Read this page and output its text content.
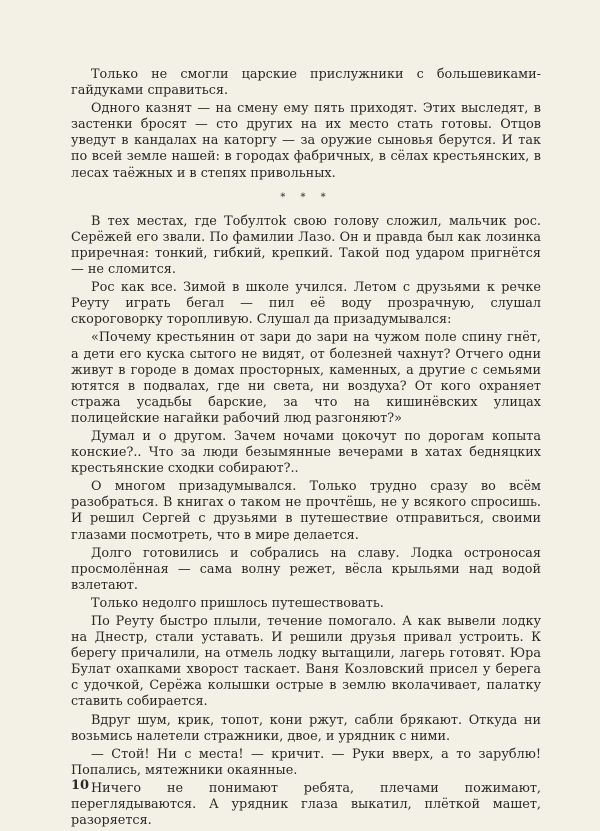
Только не смогли царские прислужники с большевиками-гайдуками справиться.

Одного казнят — на смену ему пять приходят. Этих выследят, в застенки бросят — сто других на их место стать готовы. Отцов уведут в кандалах на каторгу — за оружие сыновья берутся. И так по всей земле нашей: в городах фабричных, в сёлах крестьянских, в лесах таёжных и в степях привольных.

* * *

В тех местах, где Тобултоk свою голову сложил, мальчик рос. Серёжей его звали. По фамилии Лазо. Он и правда был как лозинка приречная: тонкий, гибкий, крепкий. Такой под ударом пригнётся — не сломится.

Рос как все. Зимой в школе учился. Летом с друзьями к речке Реуту играть бегал — пил её воду прозрачную, слушал скороговорку торопливую. Слушал да призадумывался:

«Почему крестьянин от зари до зари на чужом поле спину гнёт, а дети его куска сытого не видят, от болезней чахнут? Отчего одни живут в городе в домах просторных, каменных, а другие с семьями ютятся в подвалах, где ни света, ни воздуха? От кого охраняет стража усадьбы барские, за что на кишинёвских улицах полицейские нагайки рабочий люд разгоняют?»

Думал и о другом. Зачем ночами цокочут по дорогам копыта конские?.. Что за люди безымянные вечерами в хатах бедняцких крестьянские сходки собирают?..

О многом призадумывался. Только трудно сразу во всём разобраться. В книгах о таком не прочтёшь, не у всякого спросишь. И решил Сергей с друзьями в путешествие отправиться, своими глазами посмотреть, что в мире делается.

Долго готовились и собрались на славу. Лодка остроносая просмолённая — сама волну режет, вёсла крыльями над водой взлетают.

Только недолго пришлось путешествовать.

По Реуту быстро плыли, течение помогало. А как вывели лодку на Днестр, стали уставать. И решили друзья привал устроить. К берегу причалили, на отмель лодку вытащили, лагерь готовят. Юра Булат охапками хворост таскает. Ваня Козловский присел у берега с удочкой, Серёжа колышки острые в землю вколачивает, палатку ставить собирается.

Вдруг шум, крик, топот, кони ржут, сабли брякают. Откуда ни возьмись налетели стражники, двое, и урядник с ними.

— Стой! Ни с места! — кричит. — Руки вверх, а то зарублю! Попались, мятежники окаянные.

Ничего не понимают ребята, плечами пожимают, переглядываются. А урядник глаза выкатил, плёткой машет, разоряется.

10
